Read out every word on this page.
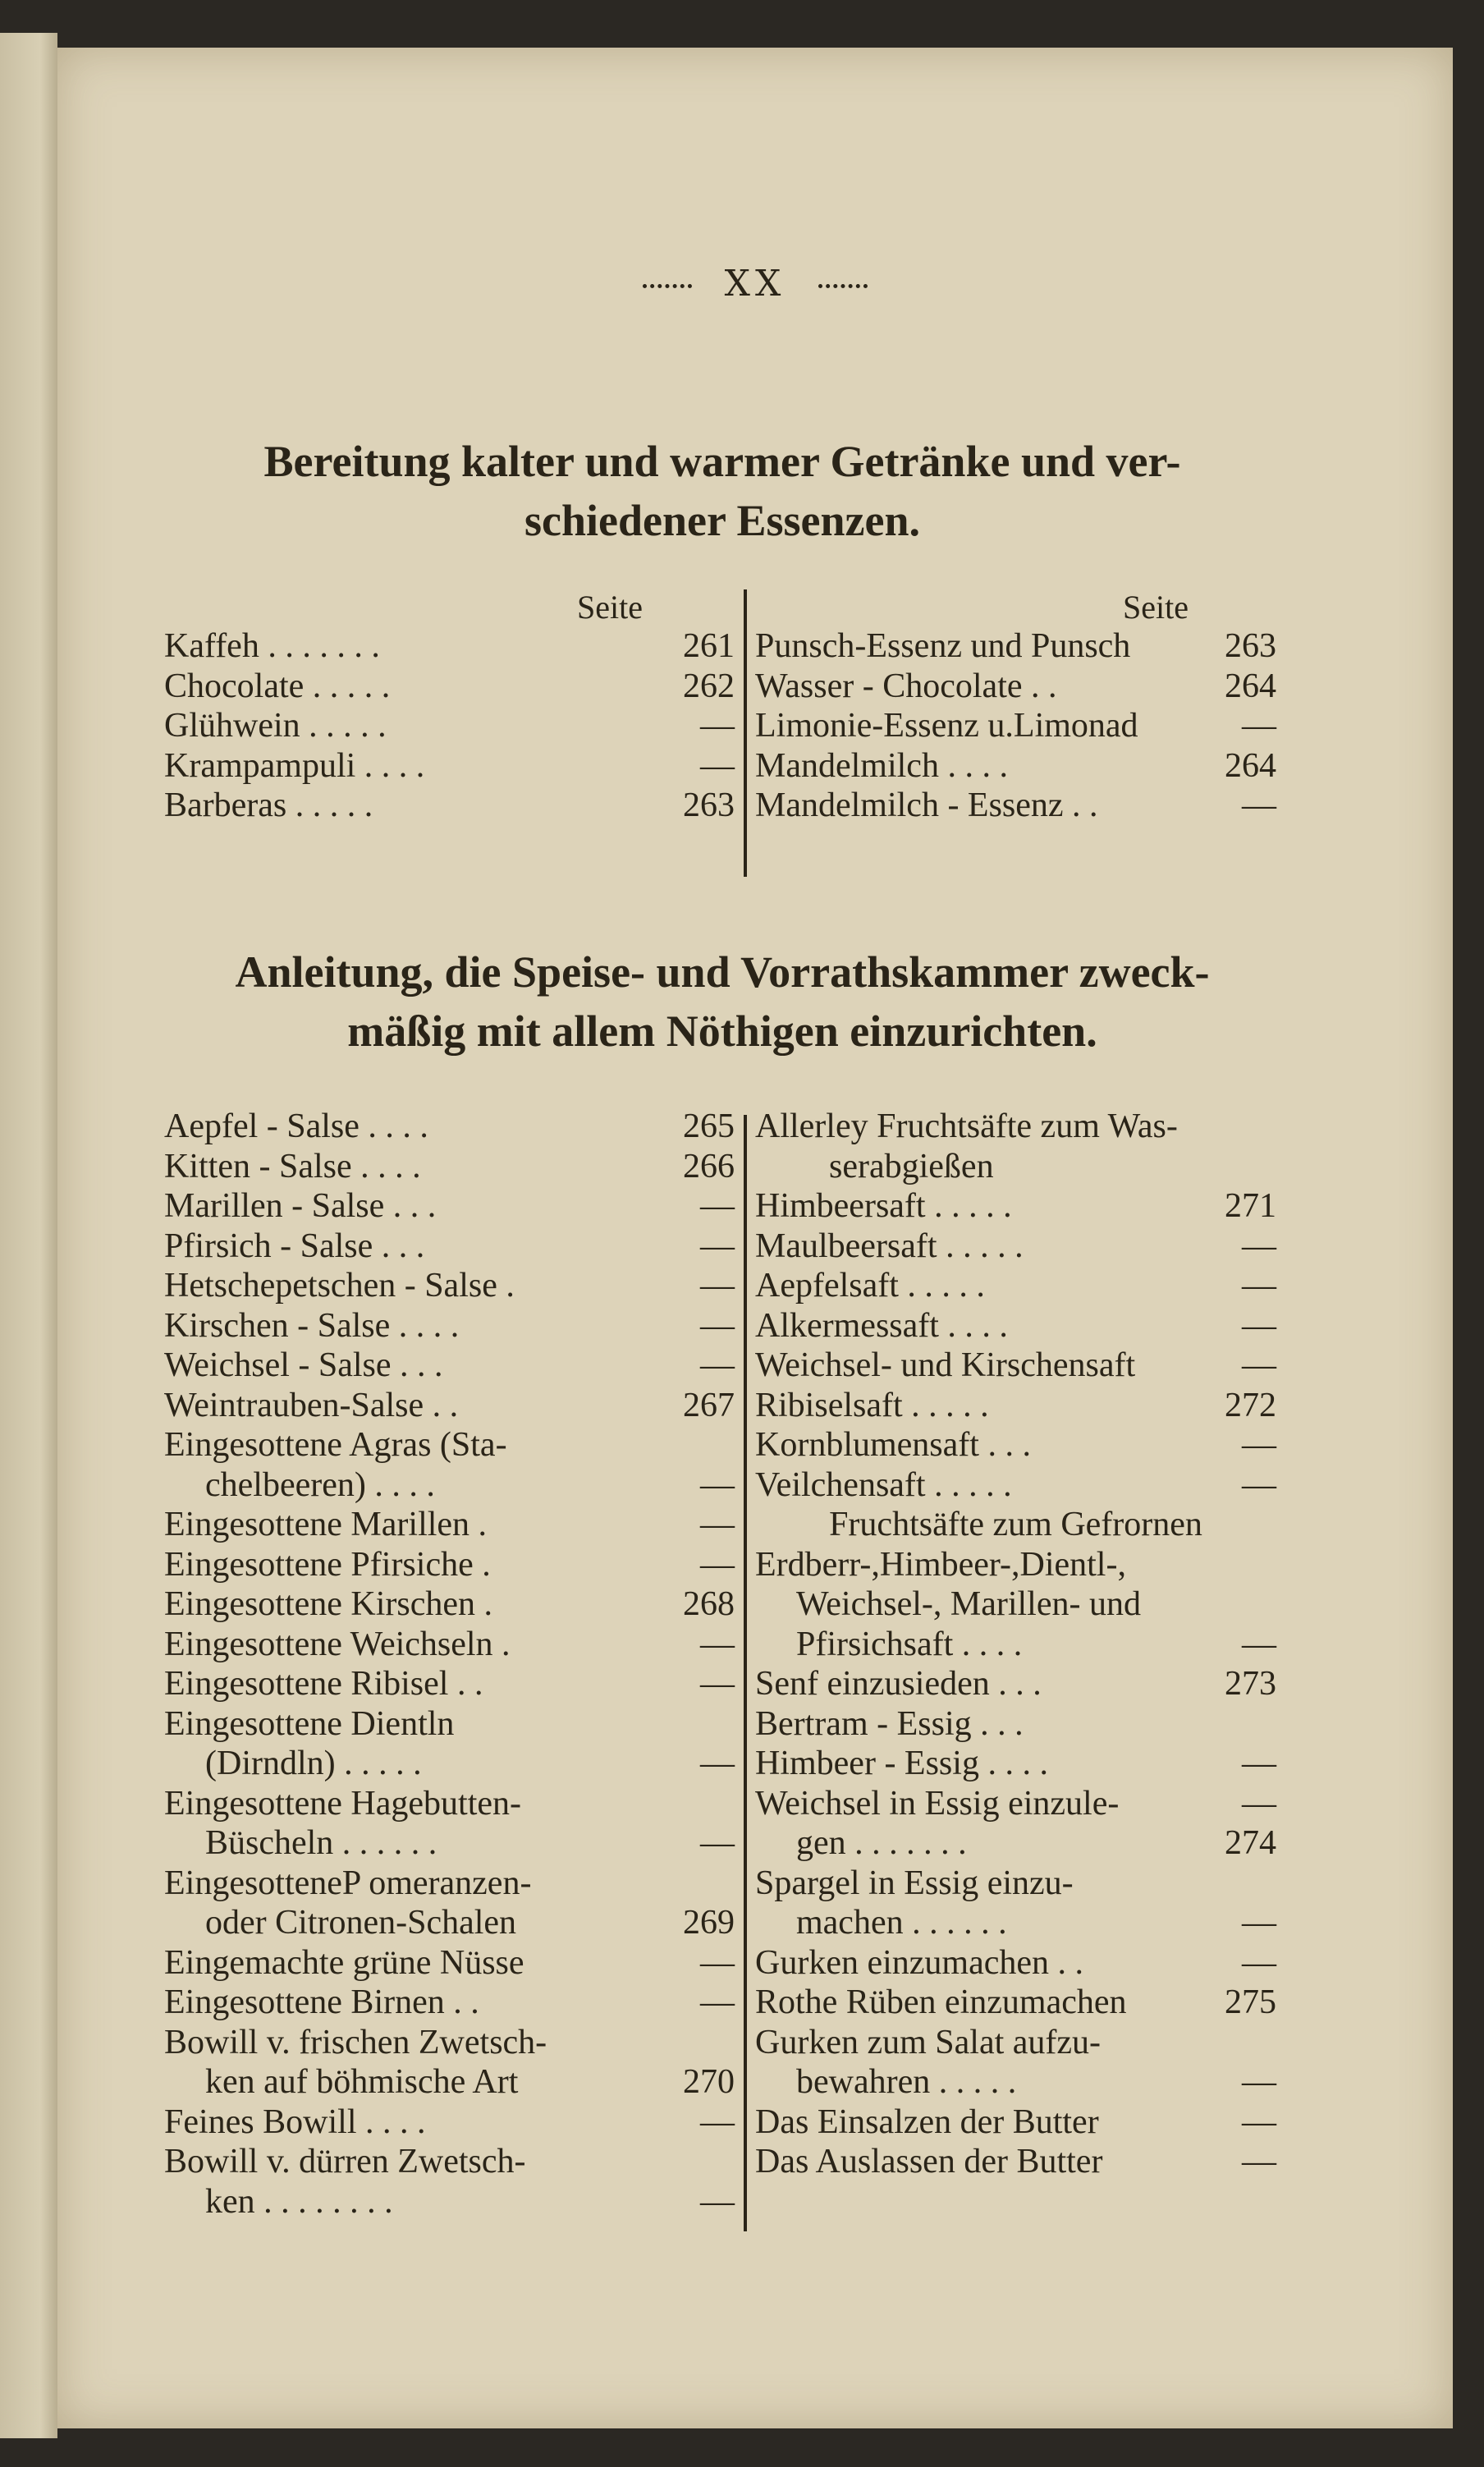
XX
Bereitung kalter und warmer Getränke und ver-
schiedener Essenzen.
Seite	Seite
Kaffeh . . . . . . .	261
Chocolate . . . . .	262
Glühwein . . . . .	—
Krampampuli . . . .	—
Barberas . . . . .	263
Punsch-Essenz und Punsch	263
Wasser - Chocolate . .	264
Limonie-Essenz u.Limonad	—
Mandelmilch . . . .	264
Mandelmilch - Essenz . .	—
Anleitung, die Speise- und Vorrathskammer zweck-
mäßig mit allem Nöthigen einzurichten.
Aepfel - Salse . . . .	265
Kitten - Salse . . . .	266
Marillen - Salse . . .	—
Pfirsich - Salse . . .	—
Hetschepetschen - Salse .	—
Kirschen - Salse . . . .	—
Weichsel - Salse . . .	—
Weintrauben-Salse . .	267
Eingesottene Agras (Sta-
chelbeeren) . . . .	—
Eingesottene Marillen .	—
Eingesottene Pfirsiche .	—
Eingesottene Kirschen .	268
Eingesottene Weichseln .	—
Eingesottene Ribisel . .	—
Eingesottene Dientln
(Dirndln) . . . . .	—
Eingesottene Hagebutten-
Büscheln . . . . . .	—
EingesotteneP omeranzen-
oder Citronen-Schalen	269
Eingemachte grüne Nüsse	—
Eingesottene Birnen . .	—
Bowill v. frischen Zwetsch-
ken auf böhmische Art	270
Feines Bowill . . . .	—
Bowill v. dürren Zwetsch-
ken . . . . . . . .	—
Allerley Fruchtsäfte zum Was-
serabgießen
Himbeersaft . . . . .	271
Maulbeersaft . . . . .	—
Aepfelsaft . . . . .	—
Alkermessaft . . . .	—
Weichsel- und Kirschensaft	—
Ribiselsaft . . . . .	272
Kornblumensaft . . .	—
Veilchensaft . . . . .	—
Fruchtsäfte zum Gefrornen
Erdberr-,Himbeer-,Dientl-,
Weichsel-, Marillen- und
Pfirsichsaft . . . .	—
Senf einzusieden . . .	273
Bertram - Essig . . .
Himbeer - Essig . . . .	—
Weichsel in Essig einzule-	—
gen . . . . . . .	274
Spargel in Essig einzu-
machen . . . . . .	—
Gurken einzumachen . .	—
Rothe Rüben einzumachen	275
Gurken zum Salat aufzu-
bewahren . . . . .	—
Das Einsalzen der Butter	—
Das Auslassen der Butter	—
